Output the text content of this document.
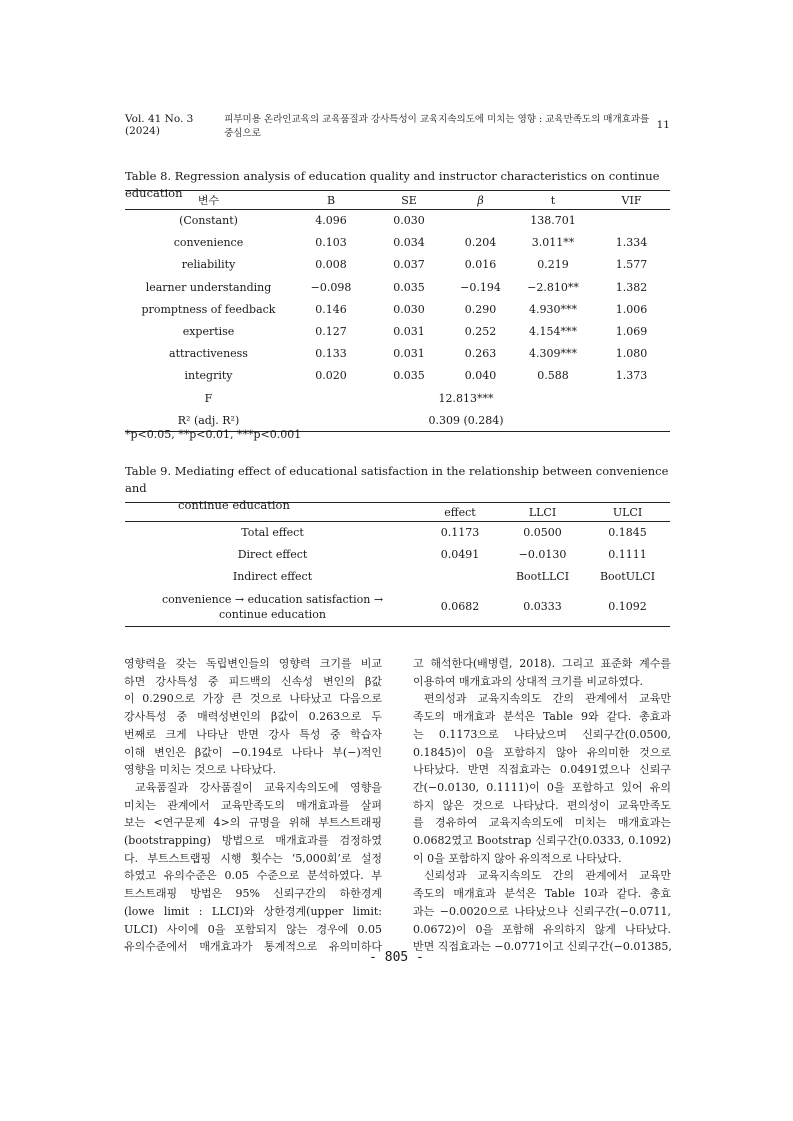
Vol. 41 No. 3 (2024)
피부미용 온라인교육의 교육품질과 강사특성이 교육지속의도에 미치는 영향 : 교육만족도의 매개효과를 중심으로
11
Table 8. Regression analysis of education quality and instructor characteristics on continue education
변수	B	SE	β	t	VIF
(Constant)	4.096	0.030		138.701	
convenience	0.103	0.034	0.204	3.011**	1.334
reliability	0.008	0.037	0.016	0.219	1.577
learner understanding	−0.098	0.035	−0.194	−2.810**	1.382
promptness of feedback	0.146	0.030	0.290	4.930***	1.006
expertise	0.127	0.031	0.252	4.154***	1.069
attractiveness	0.133	0.031	0.263	4.309***	1.080
integrity	0.020	0.035	0.040	0.588	1.373
F	12.813***				
R² (adj. R²)	0.309 (0.284)				
*p<0.05, **p<0.01, ***p<0.001
Table 9. Mediating effect of educational satisfaction in the relationship between convenience and
continue education
		effect	LLCI	ULCI
Total effect	0.1173	0.0500	0.1845
Direct effect	0.0491	−0.0130	0.1111
Indirect effect		BootLLCI	BootULCI

convenience → education satisfaction →
continue education	0.0682	0.0333	0.1092
영향력을 갖는 독립변인들의 영향력 크기를 비교
하면 강사특성 중 피드백의 신속성 변인의 β값
이 0.290으로 가장 큰 것으로 나타났고 다음으로
강사특성 중 매력성변인의 β값이 0.263으로 두
번째로 크게 나타난 반면 강사 특성 중 학습자
이해 변인은 β값이 −0.194로 나타나 부(−)적인
영향을 미치는 것으로 나타났다.
교육품질과 강사품질이 교육지속의도에 영향을
미치는 관계에서 교육만족도의 매개효과를 살펴
보는 <연구문제 4>의 규명을 위해 부트스트래핑
(bootstrapping) 방법으로 매개효과를 검정하였
다. 부트스트랩핑 시행 횟수는 ‘5,000회’로 설정
하였고 유의수준은 0.05 수준으로 분석하였다. 부
트스트래핑 방법은 95% 신뢰구간의 하한경계
(lowe limit : LLCI)와 상한경계(upper limit:
ULCI) 사이에 0을 포함되지 않는 경우에 0.05
유의수준에서 매개효과가 통계적으로 유의미하다
고 해석한다(배병렬, 2018). 그리고 표준화 계수를
이용하여 매개효과의 상대적 크기를 비교하였다.
편의성과 교육지속의도 간의 관계에서 교육만
족도의 매개효과 분석은 Table 9와 같다. 총효과
는 0.1173으로 나타났으며 신뢰구간(0.0500,
0.1845)이 0을 포함하지 않아 유의미한 것으로
나타났다. 반면 직접효과는 0.0491였으나 신뢰구
간(−0.0130, 0.1111)이 0을 포함하고 있어 유의
하지 않은 것으로 나타났다. 편의성이 교육만족도
를 경유하여 교육지속의도에 미치는 매개효과는
0.0682였고 Bootstrap 신뢰구간(0.0333, 0.1092)
이 0을 포함하지 않아 유의적으로 나타났다.
신뢰성과 교육지속의도 간의 관계에서 교육만
족도의 매개효과 분석은 Table 10과 같다. 총효
과는 −0.0020으로 나타났으나 신뢰구간(−0.0711,
0.0672)이 0을 포함해 유의하지 않게 나타났다.
반면 직접효과는 −0.0771이고 신뢰구간(−0.01385,
- 805 -
